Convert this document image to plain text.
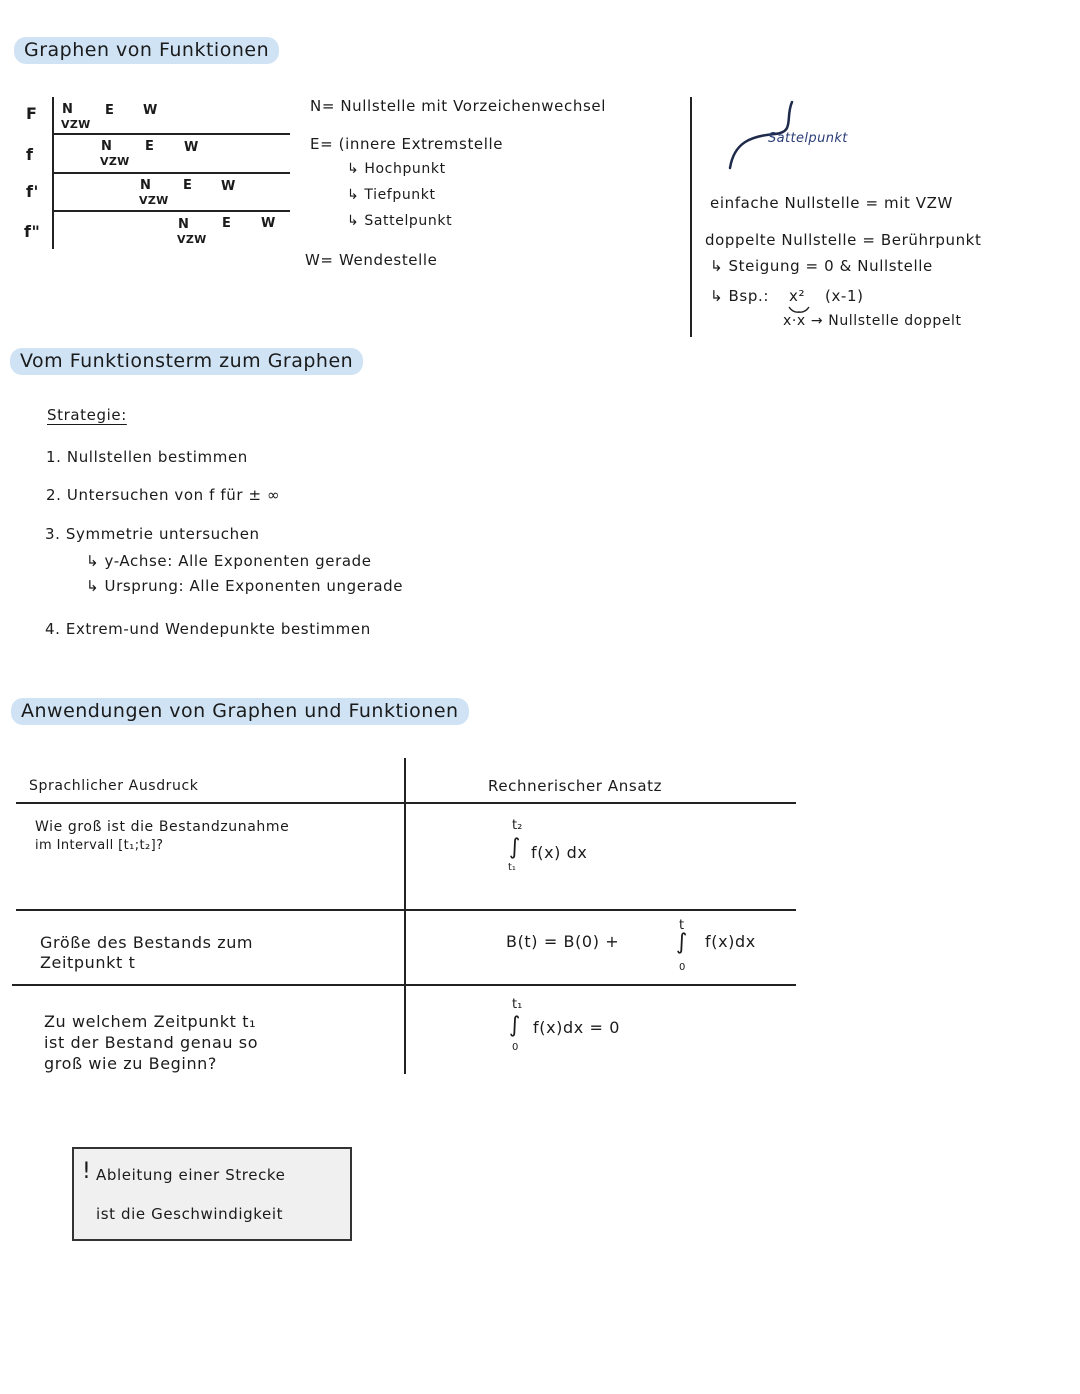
Graphen von Funktionen
F
f
f'
f"
N
VZW
E W
N
VZW
E W
N
VZW
E W
N
VZW
E W
N= Nullstelle mit Vorzeichenwechsel
E= (innere Extremstelle
↳ Hochpunkt
↳ Tiefpunkt
↳ Sattelpunkt
W= Wendestelle
Sattelpunkt
einfache Nullstelle = mit VZW
doppelte Nullstelle = Berührpunkt
↳ Steigung = 0 & Nullstelle
↳ Bsp.: x² (x-1)
x·x → Nullstelle doppelt
Vom Funktionsterm zum Graphen
Strategie:
1. Nullstellen bestimmen
2. Untersuchen von f für ± ∞
3. Symmetrie untersuchen
↳ y-Achse: Alle Exponenten gerade
↳ Ursprung: Alle Exponenten ungerade
4. Extrem-und Wendepunkte bestimmen
Anwendungen von Graphen und Funktionen
Sprachlicher Ausdruck	Rechnerischer Ansatz
Wie groß ist die Bestandzunahme
im Intervall [t₁;t₂]?
t₂
∫
t₁
f(x) dx
Größe des Bestands zum
Zeitpunkt t
B(t) = B(0) +
t
∫
0
f(x)dx
Zu welchem Zeitpunkt t₁
ist der Bestand genau so
groß wie zu Beginn?
t₁
∫
0
f(x)dx = 0
! Ableitung einer Strecke
ist die Geschwindigkeit
